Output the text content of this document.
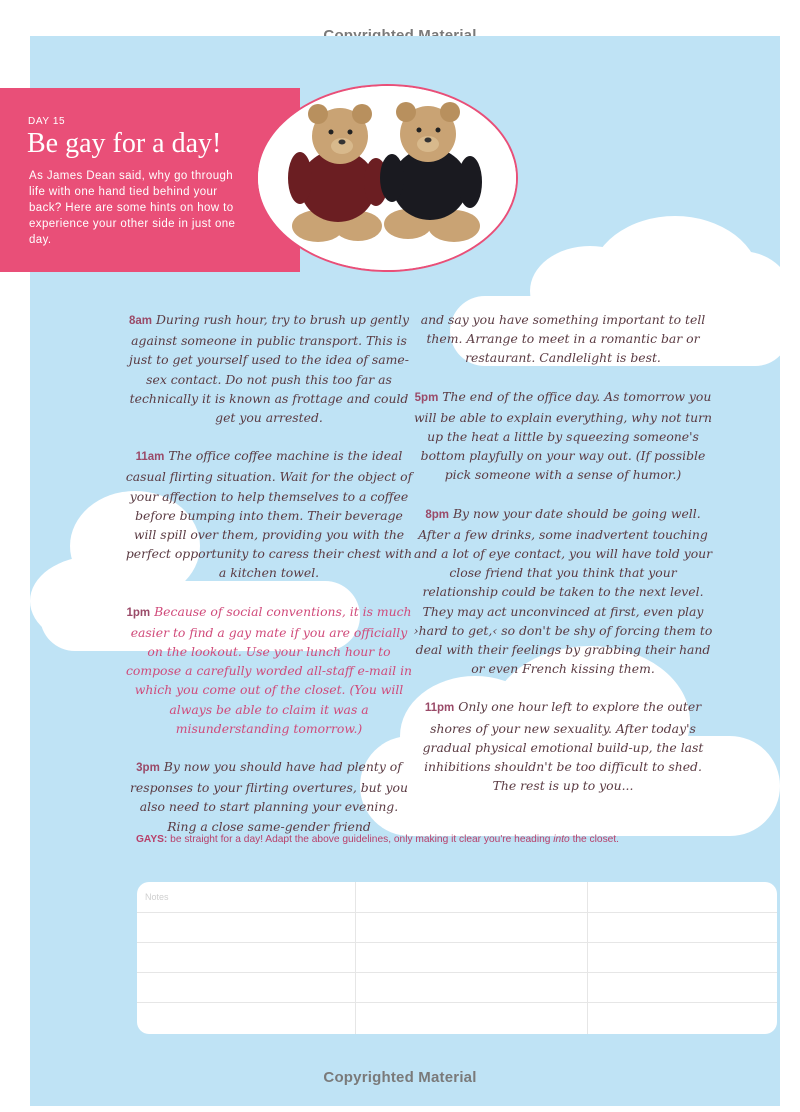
DAY 15
Be gay for a day!

As James Dean said, why go through life with one hand tied behind your back? Here are some hints on how to experience your other side in just one day.

8am During rush hour, try to brush up gently against someone in public transport. This is just to get yourself used to the idea of same-sex contact. Do not push this too far as technically it is known as frottage and could get you arrested.

11am The office coffee machine is the ideal casual flirting situation. Wait for the object of your affection to help themselves to a coffee before bumping into them. Their beverage will spill over them, providing you with the perfect opportunity to caress their chest with a kitchen towel.

1pm Because of social conventions, it is much easier to find a gay mate if you are officially on the lookout. Use your lunch hour to compose a carefully worded all-staff e-mail in which you come out of the closet. (You will always be able to claim it was a misunderstanding tomorrow.)

3pm By now you should have had plenty of responses to your flirting overtures, but you also need to start planning your evening. Ring a close same-gender friend

and say you have something important to tell them. Arrange to meet in a romantic bar or restaurant. Candlelight is best.

5pm The end of the office day. As tomorrow you will be able to explain everything, why not turn up the heat a little by squeezing someone's bottom playfully on your way out. (If possible pick someone with a sense of humor.)

8pm By now your date should be going well. After a few drinks, some inadvertent touching and a lot of eye contact, you will have told your close friend that you think that your relationship could be taken to the next level. They may act unconvinced at first, even play ›hard to get,‹ so don't be shy of forcing them to deal with their feelings by grabbing their hand or even French kissing them.

11pm Only one hour left to explore the outer shores of your new sexuality. After today's gradual physical emotional build-up, the last inhibitions shouldn't be too difficult to shed. The rest is up to you...

GAYS: be straight for a day! Adapt the above guidelines, only making it clear you're heading into the closet.

Notes
Copyrighted Material
